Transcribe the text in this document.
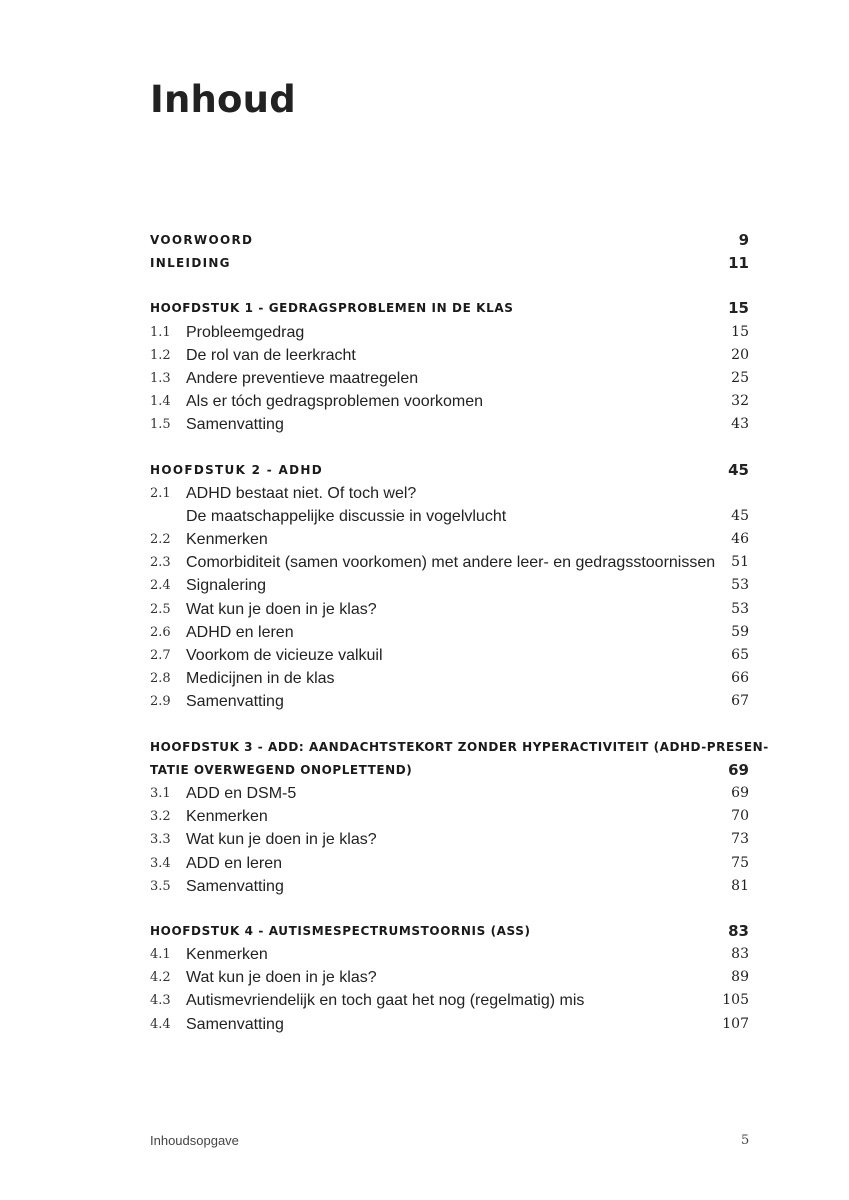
Inhoud
VOORWOORD	9
INLEIDING	11
HOOFDSTUK 1 - GEDRAGSPROBLEMEN IN DE KLAS	15
1.1 Probleemgedrag	15
1.2 De rol van de leerkracht	20
1.3 Andere preventieve maatregelen	25
1.4 Als er tóch gedragsproblemen voorkomen	32
1.5 Samenvatting	43
HOOFDSTUK 2 - ADHD	45
2.1 ADHD bestaat niet. Of toch wel?
De maatschappelijke discussie in vogelvlucht	45
2.2 Kenmerken	46
2.3 Comorbiditeit (samen voorkomen) met andere leer- en gedragsstoornissen 51
2.4 Signalering	53
2.5 Wat kun je doen in je klas?	53
2.6 ADHD en leren	59
2.7 Voorkom de vicieuze valkuil	65
2.8 Medicijnen in de klas	66
2.9 Samenvatting	67
HOOFDSTUK 3 - ADD: AANDACHTSTEKORT ZONDER HYPERACTIVITEIT (ADHD-PRESEN-
TATIE OVERWEGEND ONOPLETTEND)	69
3.1 ADD en DSM-5	69
3.2 Kenmerken	70
3.3 Wat kun je doen in je klas?	73
3.4 ADD en leren	75
3.5 Samenvatting	81
HOOFDSTUK 4 - AUTISMESPECTRUMSTOORNIS (ASS)	83
4.1 Kenmerken	83
4.2 Wat kun je doen in je klas?	89
4.3 Autismevriendelijk en toch gaat het nog (regelmatig) mis	105
4.4 Samenvatting	107
Inhoudsopgave	5
